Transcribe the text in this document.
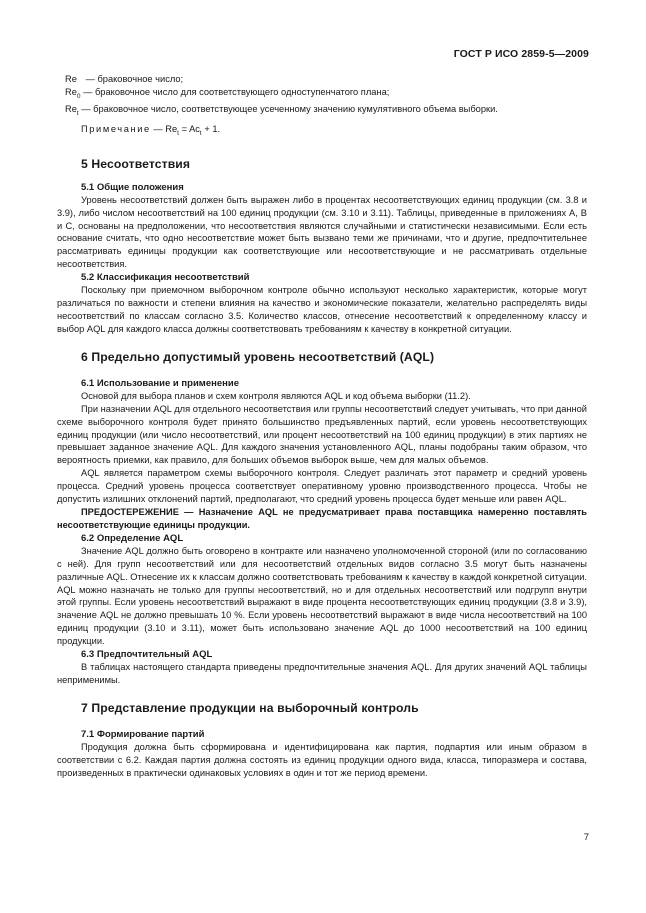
ГОСТ Р ИСО 2859-5—2009

Re — браковочное число;

$Re_0$ — браковочное число для соответствующего одноступенчатого плана;

$Re_t$ — браковочное число, соответствующее усеченному значению кумулятивного объема выборки.

Примечание — $Re_t = Ac_t + 1$.
5 Несоответствия
5.1 Общие положения

Уровень несоответствий должен быть выражен либо в процентах несоответствующих единиц продукции (см. 3.8 и 3.9), либо числом несоответствий на 100 единиц продукции (см. 3.10 и 3.11). Таблицы, приведенные в приложениях А, В и С, основаны на предположении, что несоответствия являются случайными и статистически независимыми. Если есть основание считать, что одно несоответствие может быть вызвано теми же причинами, что и другие, предпочтительнее рассматривать единицы продукции как соответствующие или несоответствующие и не рассматривать отдельные несоответствия.

5.2 Классификация несоответствий

Поскольку при приемочном выборочном контроле обычно используют несколько характеристик, которые могут различаться по важности и степени влияния на качество и экономические показатели, желательно распределять виды несоответствий по классам согласно 3.5. Количество классов, отнесение несоответствий к определенному классу и выбор AQL для каждого класса должны соответствовать требованиям к качеству в конкретной ситуации.

6 Предельно допустимый уровень несоответствий (AQL)
6.1 Использование и применение

Основой для выбора планов и схем контроля являются AQL и код объема выборки (11.2).

При назначении AQL для отдельного несоответствия или группы несоответствий следует учитывать, что при данной схеме выборочного контроля будет принято большинство предъявленных партий, если уровень несоответствующих единиц продукции (или число несоответствий, или процент несоответствий на 100 единиц продукции) в этих партиях не превышает заданное значение AQL. Для каждого значения установленного AQL, планы подобраны таким образом, что вероятность приемки, как правило, для больших объемов выборок выше, чем для малых объемов.

AQL является параметром схемы выборочного контроля. Следует различать этот параметр и средний уровень процесса. Средний уровень процесса соответствует оперативному уровню производственного процесса. Чтобы не допустить излишних отклонений партий, предполагают, что средний уровень процесса будет меньше или равен AQL.

ПРЕДОСТЕРЕЖЕНИЕ — Назначение AQL не предусматривает права поставщика намеренно поставлять несоответствующие единицы продукции.

6.2 Определение AQL

Значение AQL должно быть оговорено в контракте или назначено уполномоченной стороной (или по согласованию с ней). Для групп несоответствий или для несоответствий отдельных видов согласно 3.5 могут быть назначены различные AQL. Отнесение их к классам должно соответствовать требованиям к качеству в каждой конкретной ситуации. AQL можно назначать не только для группы несоответствий, но и для отдельных несоответствий или подгрупп внутри этой группы. Если уровень несоответствий выражают в виде процента несоответствующих единиц продукции (3.8 и 3.9), значение AQL не должно превышать 10 %. Если уровень несоответствий выражают в виде числа несоответствий на 100 единиц продукции (3.10 и 3.11), может быть использовано значение AQL до 1000 несоответствий на 100 единиц продукции.

6.3 Предпочтительный AQL

В таблицах настоящего стандарта приведены предпочтительные значения AQL. Для других значений AQL таблицы неприменимы.

7 Представление продукции на выборочный контроль
7.1 Формирование партий

Продукция должна быть сформирована и идентифицирована как партия, подпартия или иным образом в соответствии с 6.2. Каждая партия должна состоять из единиц продукции одного вида, класса, типоразмера и состава, произведенных в практически одинаковых условиях в один и тот же период времени.

7
